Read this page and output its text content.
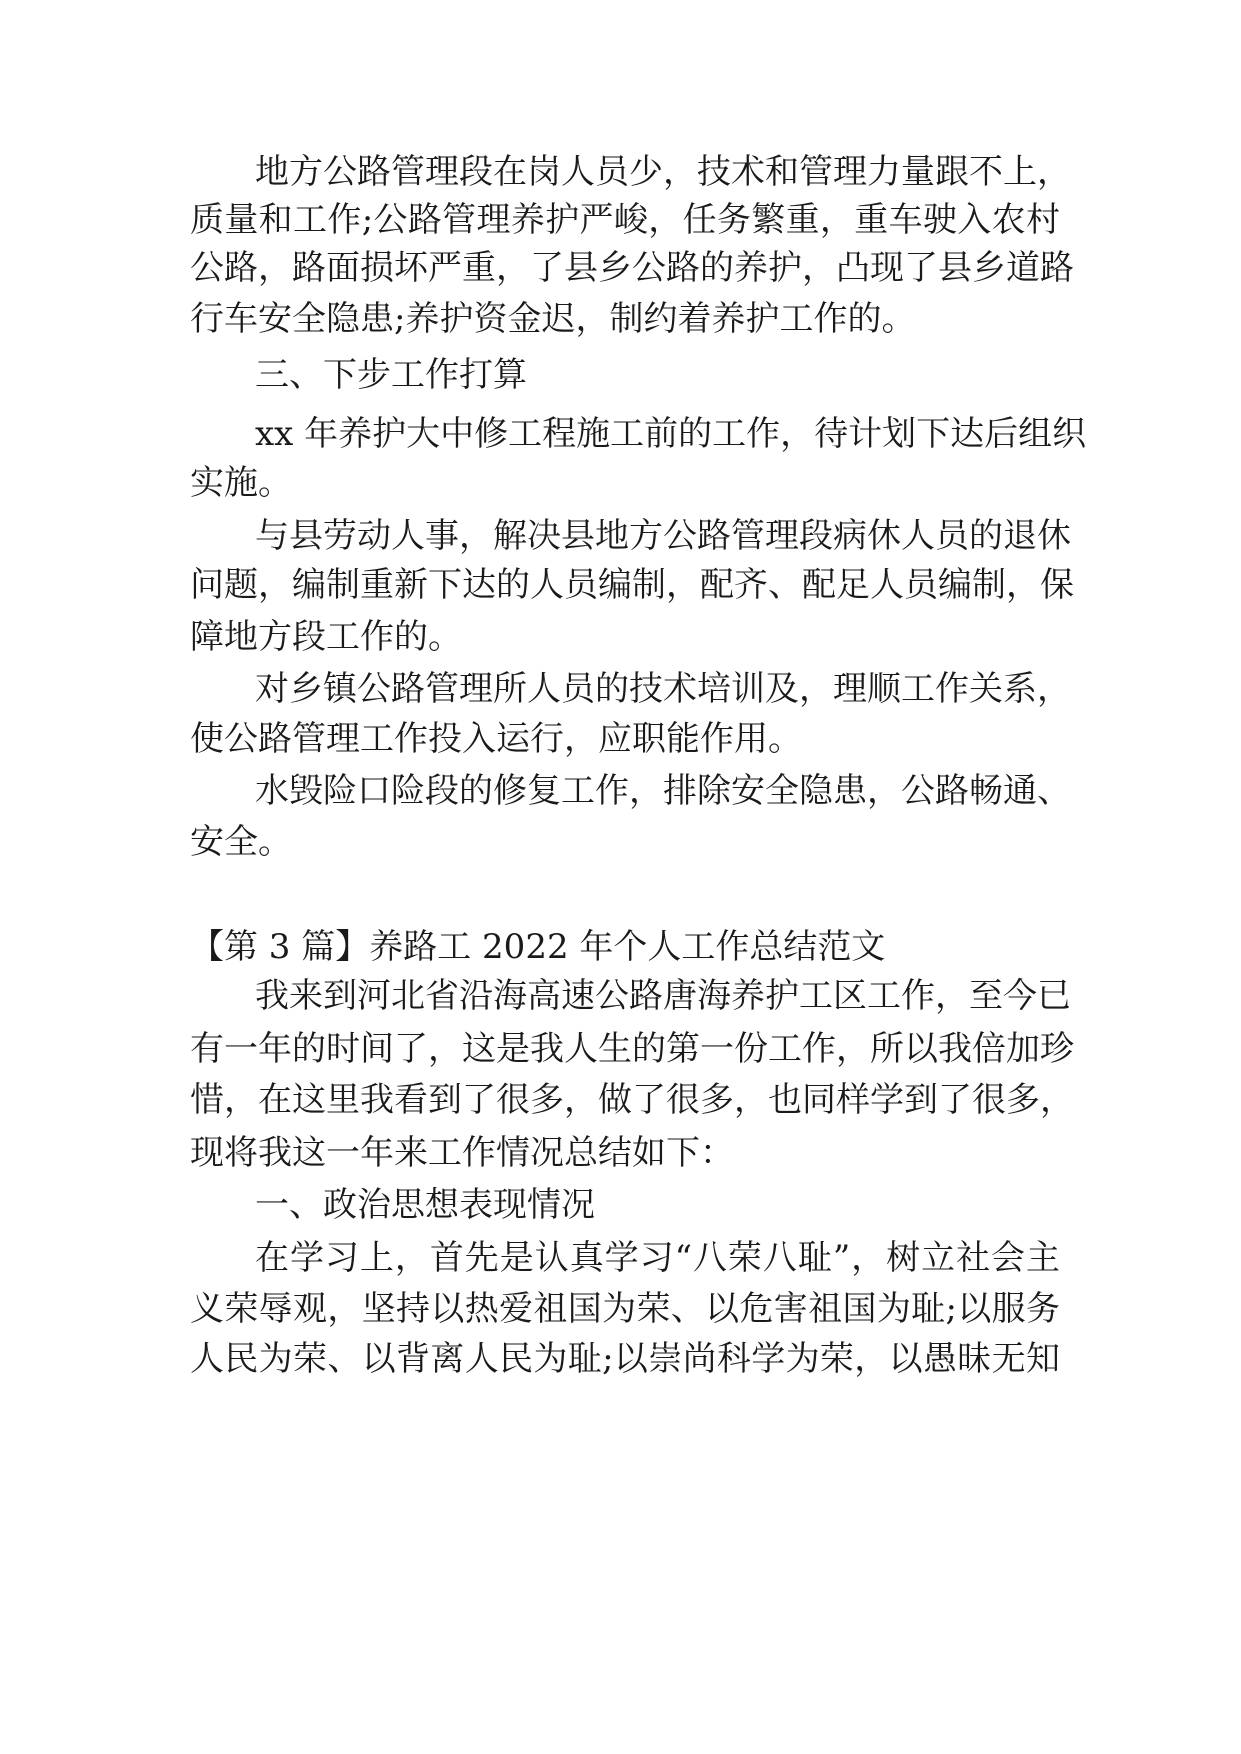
地方公路管理段在岗人员少，技术和管理力量跟不上，
质量和工作;公路管理养护严峻，任务繁重，重车驶入农村
公路，路面损坏严重，了县乡公路的养护，凸现了县乡道路
行车安全隐患;养护资金迟，制约着养护工作的。
三、下步工作打算
xx 年养护大中修工程施工前的工作，待计划下达后组织
实施。
与县劳动人事，解决县地方公路管理段病休人员的退休
问题，编制重新下达的人员编制，配齐、配足人员编制，保
障地方段工作的。
对乡镇公路管理所人员的技术培训及，理顺工作关系，
使公路管理工作投入运行，应职能作用。
水毁险口险段的修复工作，排除安全隐患，公路畅通、
安全。
【第 3 篇】养路工 2022 年个人工作总结范文
我来到河北省沿海高速公路唐海养护工区工作，至今已
有一年的时间了，这是我人生的第一份工作，所以我倍加珍
惜，在这里我看到了很多，做了很多，也同样学到了很多，
现将我这一年来工作情况总结如下：
一、政治思想表现情况
在学习上，首先是认真学习“八荣八耻”，树立社会主
义荣辱观，坚持以热爱祖国为荣、以危害祖国为耻;以服务
人民为荣、以背离人民为耻;以崇尚科学为荣，以愚昧无知
